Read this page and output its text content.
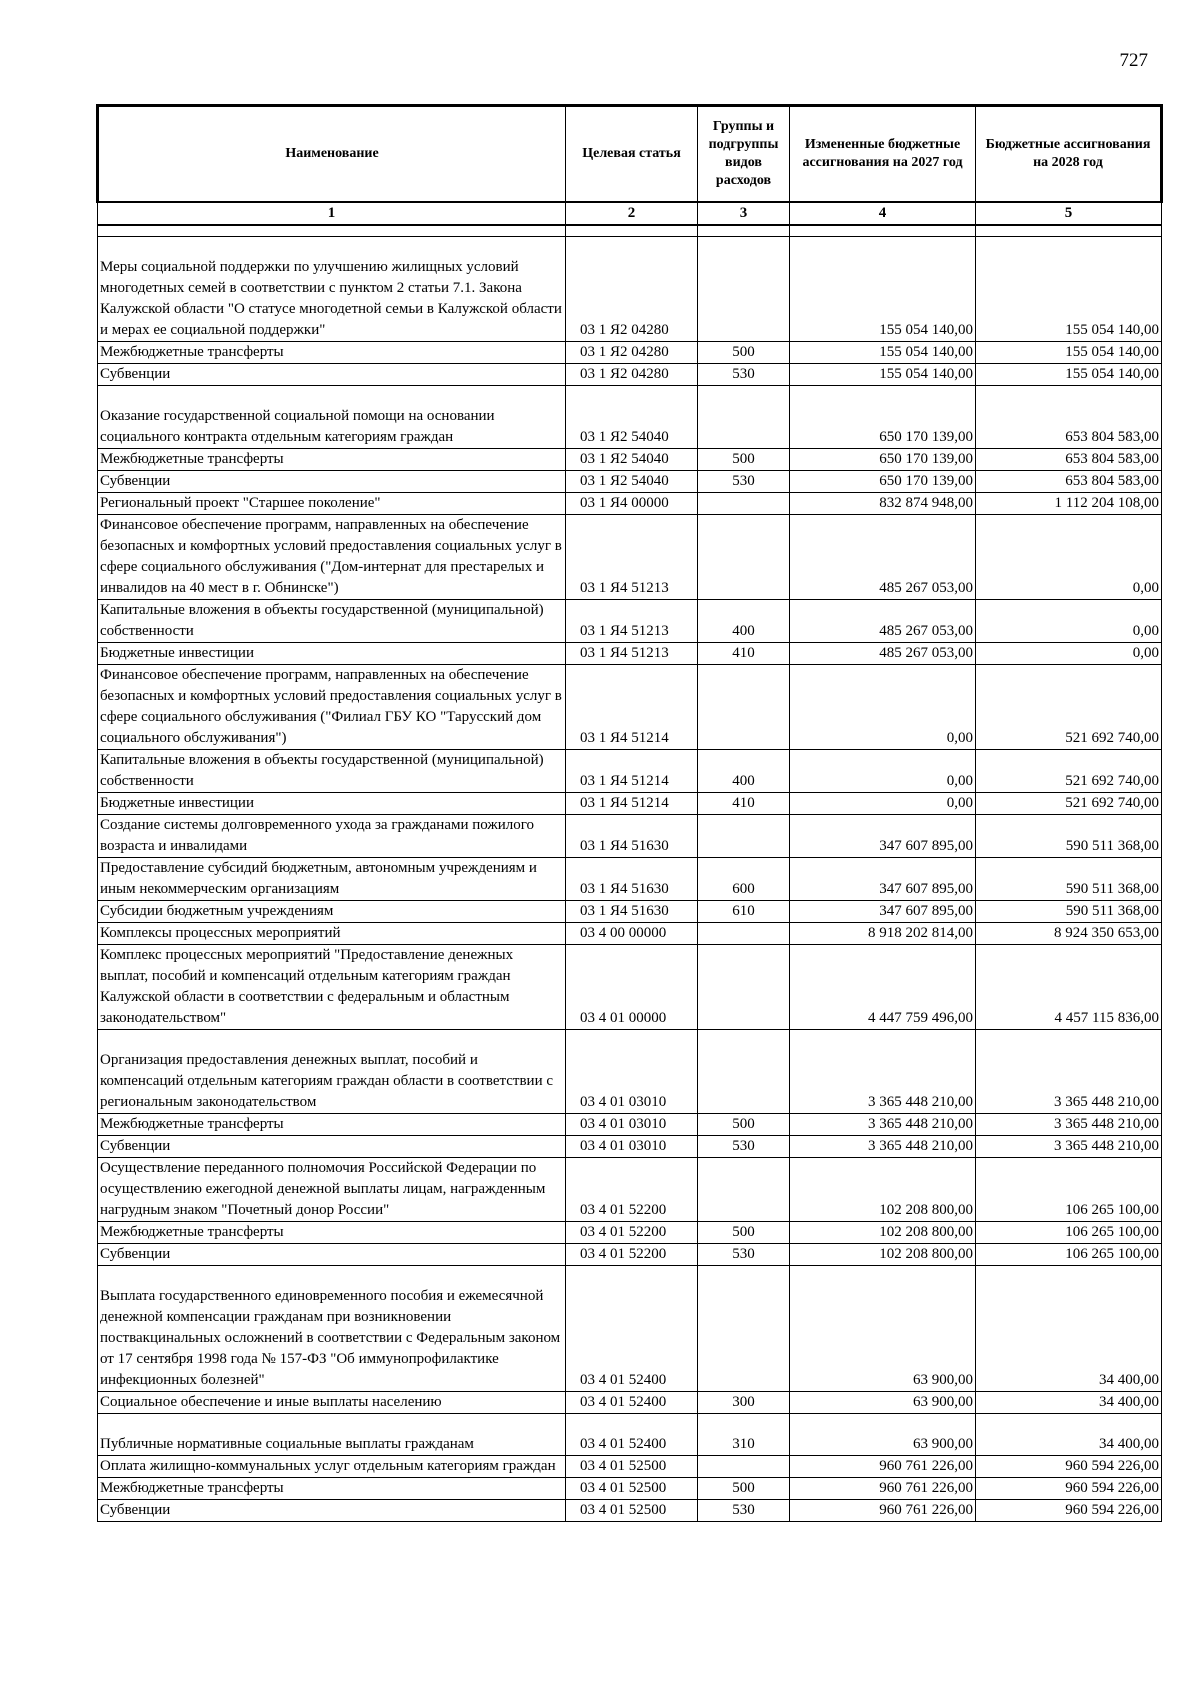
727
Наименование	Целевая статья	Группы и подгруппы видов расходов	Измененные бюджетные ассигнования на 2027 год	Бюджетные ассигнования на 2028 год
1	2	3	4	5

Меры социальной поддержки по улучшению жилищных условий многодетных семей в соответствии с пунктом 2 статьи 7.1. Закона Калужской области "О статусе многодетной семьи в Калужской области и мерах ее социальной поддержки"	03 1 Я2 04280		155 054 140,00	155 054 140,00
Межбюджетные трансферты	03 1 Я2 04280	500	155 054 140,00	155 054 140,00
Субвенции	03 1 Я2 04280	530	155 054 140,00	155 054 140,00
Оказание государственной социальной помощи на основании социального контракта отдельным категориям граждан	03 1 Я2 54040		650 170 139,00	653 804 583,00
Межбюджетные трансферты	03 1 Я2 54040	500	650 170 139,00	653 804 583,00
Субвенции	03 1 Я2 54040	530	650 170 139,00	653 804 583,00
Региональный проект "Старшее поколение"	03 1 Я4 00000		832 874 948,00	1 112 204 108,00
Финансовое обеспечение программ, направленных на обеспечение безопасных и комфортных условий предоставления социальных услуг в сфере социального обслуживания ("Дом-интернат для престарелых и инвалидов на 40 мест в г. Обнинске")	03 1 Я4 51213		485 267 053,00	0,00
Капитальные вложения в объекты государственной (муниципальной) собственности	03 1 Я4 51213	400	485 267 053,00	0,00
Бюджетные инвестиции	03 1 Я4 51213	410	485 267 053,00	0,00
Финансовое обеспечение программ, направленных на обеспечение безопасных и комфортных условий предоставления социальных услуг в сфере социального обслуживания ("Филиал ГБУ КО "Тарусский дом социального обслуживания")	03 1 Я4 51214		0,00	521 692 740,00
Капитальные вложения в объекты государственной (муниципальной) собственности	03 1 Я4 51214	400	0,00	521 692 740,00
Бюджетные инвестиции	03 1 Я4 51214	410	0,00	521 692 740,00
Создание системы долговременного ухода за гражданами пожилого возраста и инвалидами	03 1 Я4 51630		347 607 895,00	590 511 368,00
Предоставление субсидий бюджетным, автономным учреждениям и иным некоммерческим организациям	03 1 Я4 51630	600	347 607 895,00	590 511 368,00
Субсидии бюджетным учреждениям	03 1 Я4 51630	610	347 607 895,00	590 511 368,00
Комплексы процессных мероприятий	03 4 00 00000		8 918 202 814,00	8 924 350 653,00
Комплекс процессных мероприятий "Предоставление денежных выплат, пособий и компенсаций отдельным категориям граждан Калужской области в соответствии с федеральным и областным законодательством"	03 4 01 00000		4 447 759 496,00	4 457 115 836,00
Организация предоставления денежных выплат, пособий и компенсаций отдельным категориям граждан области в соответствии с региональным законодательством	03 4 01 03010		3 365 448 210,00	3 365 448 210,00
Межбюджетные трансферты	03 4 01 03010	500	3 365 448 210,00	3 365 448 210,00
Субвенции	03 4 01 03010	530	3 365 448 210,00	3 365 448 210,00
Осуществление переданного полномочия Российской Федерации по осуществлению ежегодной денежной выплаты лицам, награжденным нагрудным знаком "Почетный донор России"	03 4 01 52200		102 208 800,00	106 265 100,00
Межбюджетные трансферты	03 4 01 52200	500	102 208 800,00	106 265 100,00
Субвенции	03 4 01 52200	530	102 208 800,00	106 265 100,00
Выплата государственного единовременного пособия и ежемесячной денежной компенсации гражданам при возникновении поствакцинальных осложнений в соответствии с Федеральным законом от 17 сентября 1998 года № 157-ФЗ "Об иммунопрофилактике инфекционных болезней"	03 4 01 52400		63 900,00	34 400,00
Социальное обеспечение и иные выплаты населению	03 4 01 52400	300	63 900,00	34 400,00
Публичные нормативные социальные выплаты гражданам	03 4 01 52400	310	63 900,00	34 400,00
Оплата жилищно-коммунальных услуг отдельным категориям граждан	03 4 01 52500		960 761 226,00	960 594 226,00
Межбюджетные трансферты	03 4 01 52500	500	960 761 226,00	960 594 226,00
Субвенции	03 4 01 52500	530	960 761 226,00	960 594 226,00
